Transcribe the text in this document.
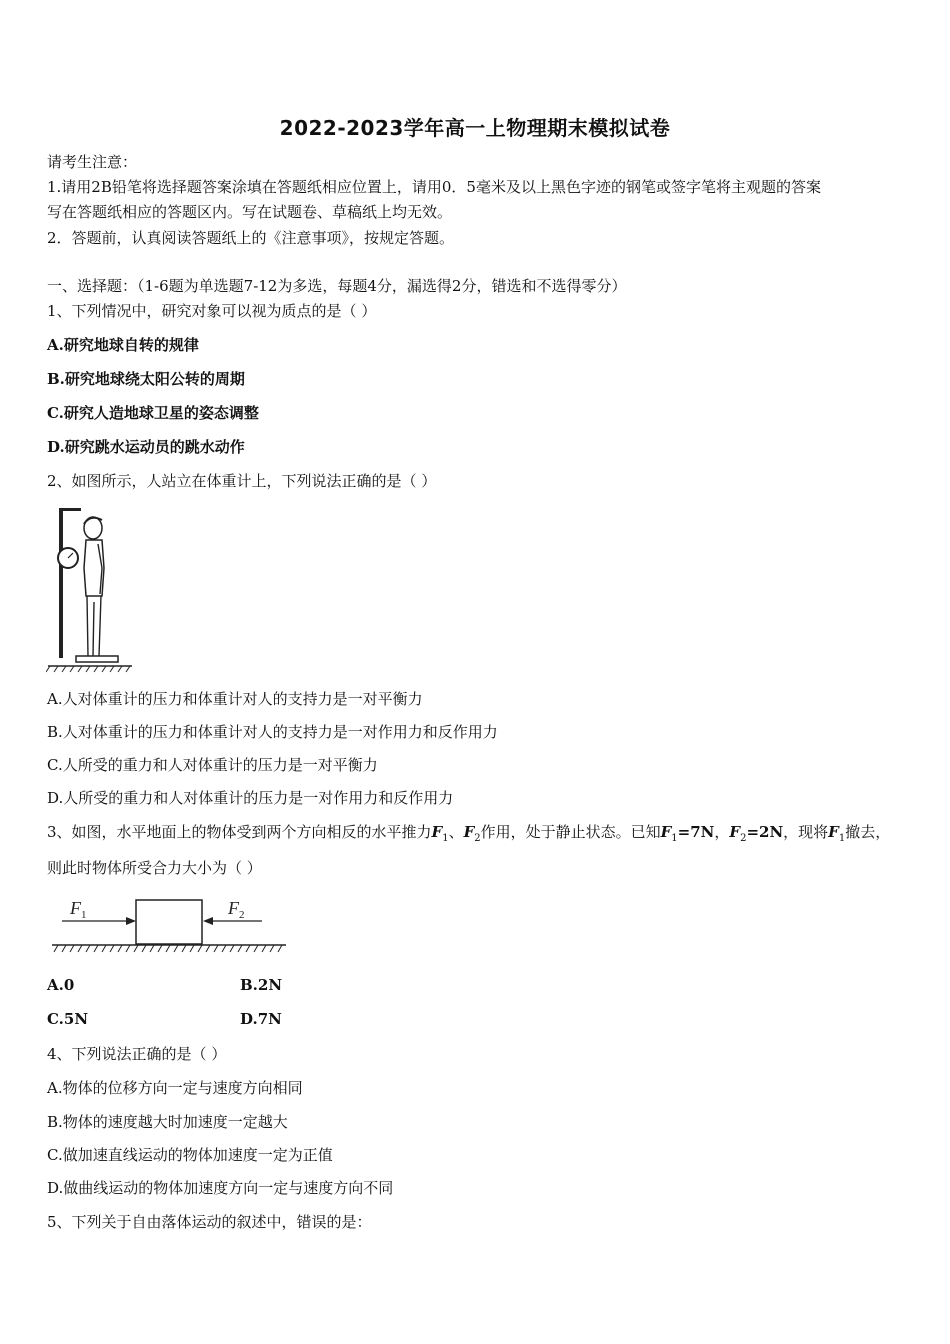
2022-2023学年高一上物理期末模拟试卷
请考生注意：
1.请用2B铅笔将选择题答案涂填在答题纸相应位置上，请用0．5毫米及以上黑色字迹的钢笔或签字笔将主观题的答案
写在答题纸相应的答题区内。写在试题卷、草稿纸上均无效。
2．答题前，认真阅读答题纸上的《注意事项》，按规定答题。
一、选择题：（1-6题为单选题7-12为多选，每题4分，漏选得2分，错选和不选得零分）
1、下列情况中，研究对象可以视为质点的是（ ）
A.研究地球自转的规律
B.研究地球绕太阳公转的周期
C.研究人造地球卫星的姿态调整
D.研究跳水运动员的跳水动作
2、如图所示，人站立在体重计上，下列说法正确的是（ ）
A.人对体重计的压力和体重计对人的支持力是一对平衡力
B.人对体重计的压力和体重计对人的支持力是一对作用力和反作用力
C.人所受的重力和人对体重计的压力是一对平衡力
D.人所受的重力和人对体重计的压力是一对作用力和反作用力
3、如图，水平地面上的物体受到两个方向相反的水平推力$F_1$、$F_2$作用，处于静止状态。已知$F_1=7N$，$F_2=2N$，现将$F_1$撤去，
则此时物体所受合力大小为（ ）
$F_1$	$F_2$
A.0	B.2N
C.5N	D.7N
4、下列说法正确的是（ ）
A.物体的位移方向一定与速度方向相同
B.物体的速度越大时加速度一定越大
C.做加速直线运动的物体加速度一定为正值
D.做曲线运动的物体加速度方向一定与速度方向不同
5、下列关于自由落体运动的叙述中，错误的是：
